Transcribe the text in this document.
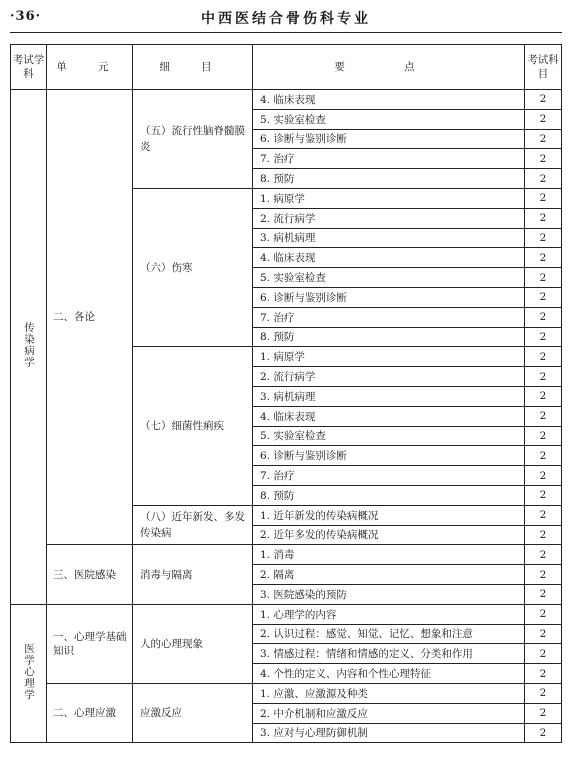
·36·	中西医结合骨伤科专业
考试学科	单 元	细 目	要 点	考试科目
传染病学	二、各论	（五）流行性脑脊髓膜炎	4. 临床表现	2
			5. 实验室检查	2
			6. 诊断与鉴别诊断	2
			7. 治疗	2
			8. 预防	2
		（六）伤寒	1. 病原学	2
			2. 流行病学	2
			3. 病机病理	2
			4. 临床表现	2
			5. 实验室检查	2
			6. 诊断与鉴别诊断	2
			7. 治疗	2
			8. 预防	2
		（七）细菌性痢疾	1. 病原学	2
			2. 流行病学	2
			3. 病机病理	2
			4. 临床表现	2
			5. 实验室检查	2
			6. 诊断与鉴别诊断	2
			7. 治疗	2
			8. 预防	2
		（八）近年新发、多发传染病	1. 近年新发的传染病概况	2
			2. 近年多发的传染病概况	2
	三、医院感染	消毒与隔离	1. 消毒	2
			2. 隔离	2
			3. 医院感染的预防	2
医学心理学	一、心理学基础知识	人的心理现象	1. 心理学的内容	2
			2. 认识过程：感觉、知觉、记忆、想象和注意	2
			3. 情感过程：情绪和情感的定义、分类和作用	2
			4. 个性的定义、内容和个性心理特征	2
	二、心理应激	应激反应	1. 应激、应激源及种类	2
			2. 中介机制和应激反应	2
			3. 应对与心理防御机制	2
